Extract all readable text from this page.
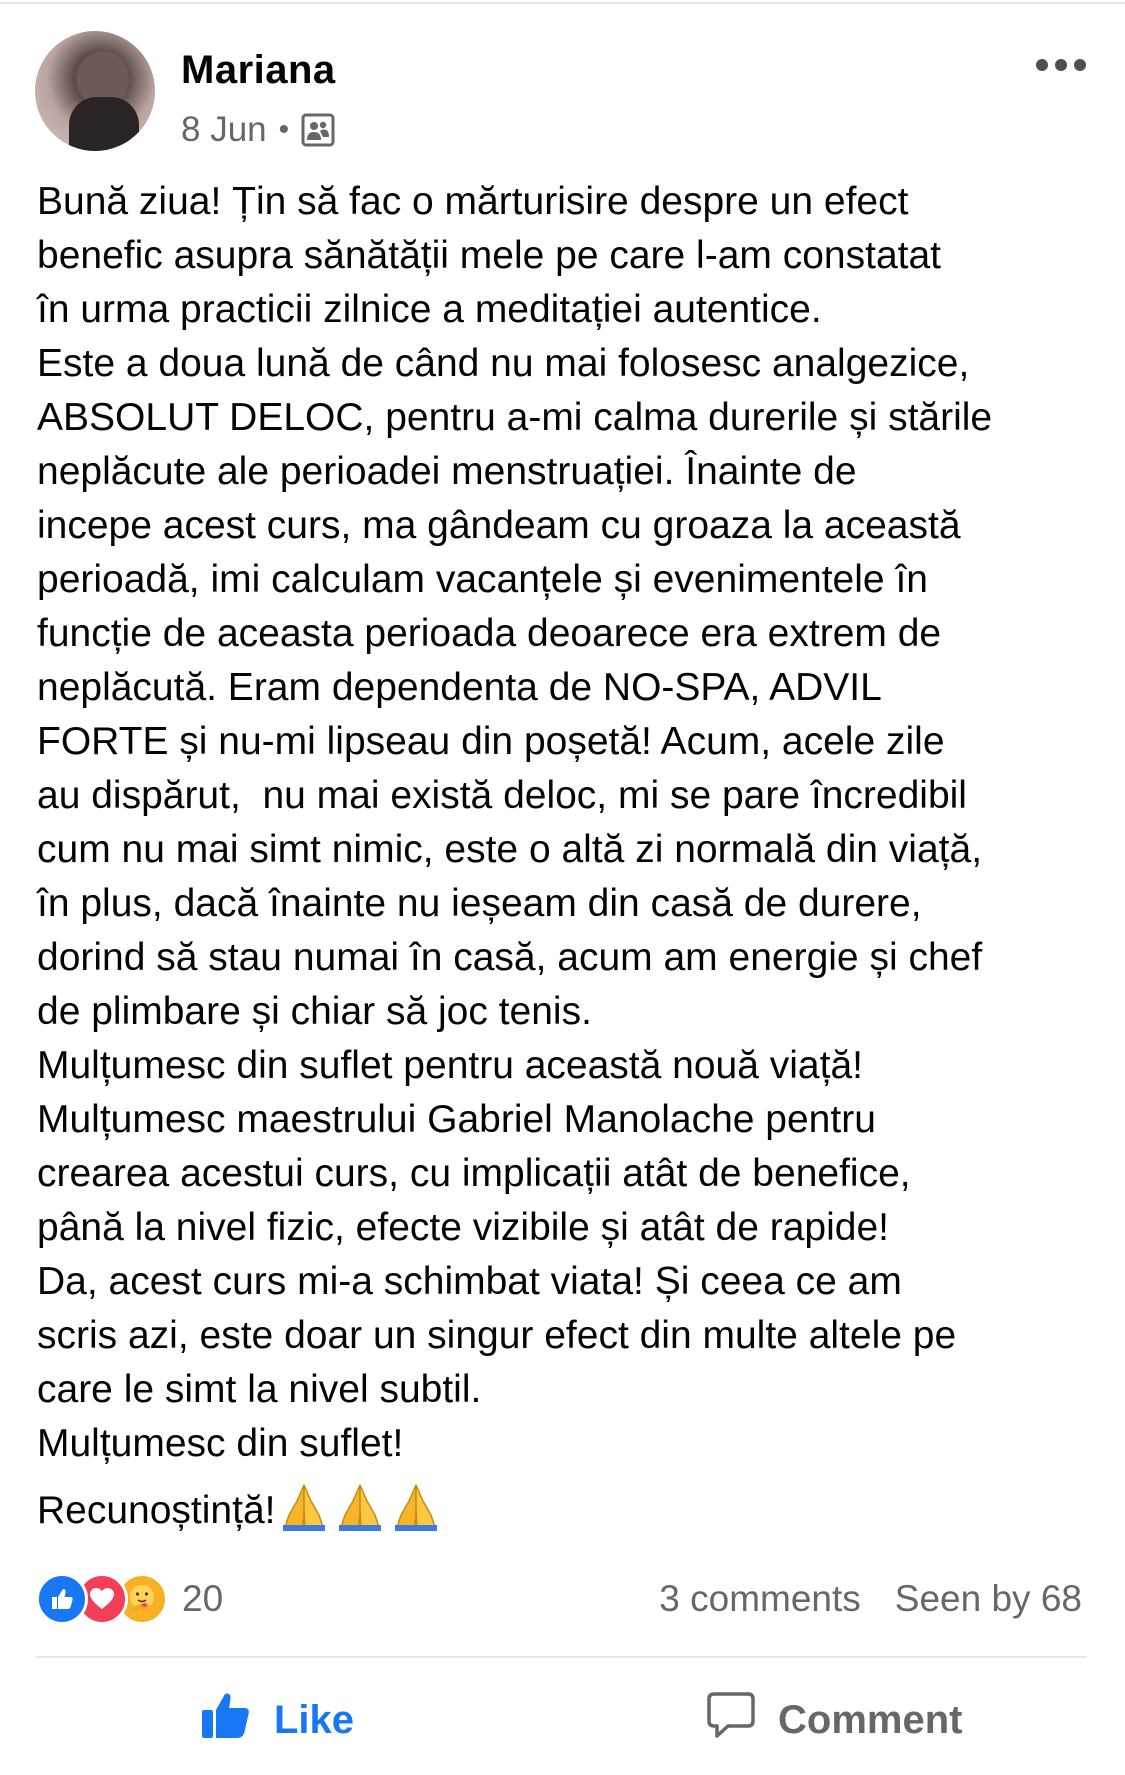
Mariana
8 Jun •
Bună ziua! Țin să fac o mărturisire despre un efect
benefic asupra sănătății mele pe care l-am constatat
în urma practicii zilnice a meditației autentice.
Este a doua lună de când nu mai folosesc analgezice,
ABSOLUT DELOC, pentru a-mi calma durerile și stările
neplăcute ale perioadei menstruației. Înainte de
incepe acest curs, ma gândeam cu groaza la această
perioadă, imi calculam vacanțele și evenimentele în
funcție de aceasta perioada deoarece era extrem de
neplăcută. Eram dependenta de NO-SPA, ADVIL
FORTE și nu-mi lipseau din poșetă! Acum, acele zile
au dispărut,  nu mai există deloc, mi se pare încredibil
cum nu mai simt nimic, este o altă zi normală din viață,
în plus, dacă înainte nu ieșeam din casă de durere,
dorind să stau numai în casă, acum am energie și chef
de plimbare și chiar să joc tenis.
Mulțumesc din suflet pentru această nouă viață!
Mulțumesc maestrului Gabriel Manolache pentru
crearea acestui curs, cu implicații atât de benefice,
până la nivel fizic, efecte vizibile și atât de rapide!
Da, acest curs mi-a schimbat viata! Și ceea ce am
scris azi, este doar un singur efect din multe altele pe
care le simt la nivel subtil.
Mulțumesc din suflet!
Recunoștință!
20	3 comments Seen by 68
Like	Comment
